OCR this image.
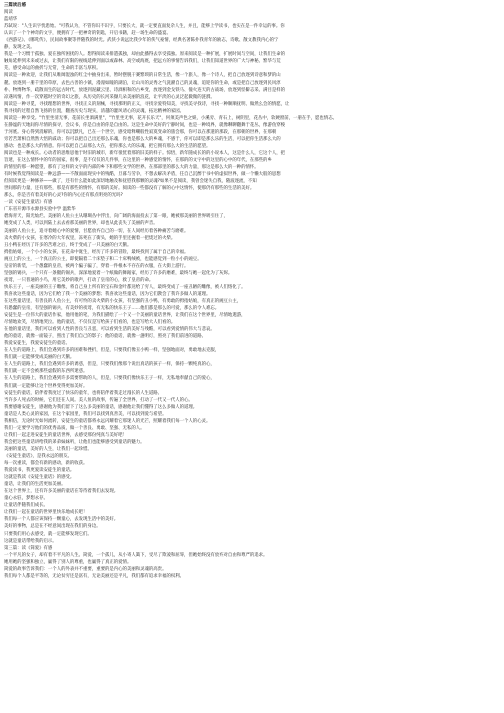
三篇读后感
阅读
蓝靖华
苏轼说："人生识字忧患始。"可我认为，不管你识不识字，只要长大，就一定要直面复杂人生，并且，能够上学读书，也实在是一件幸运的事。你
认识了一个个神奇的文字，便拥有了一把神奇的钥匙，开启书籍，赶一场生命的盛宴。
《西游记》、《哪吒传》，民间故事聚等伴随我的时光。武侠小说远比我少年的侠气豪情，经典名著陈扑我青年的励志，诗歌、散文教我内心的宁
静，发现之美。
我是一个习惯于孤独、爱在独所困扰的人。想得阅读来排遣孤独，却由此播得去享受孤独。原来阅读是一种扩展，扩展时间与空间，让我们生命的
触角延伸到未来或过去，让我们有限的视线延伸到面以或森林、高空或海底，把远方的事情告诉我们，让我们知道世界的广大与神秘、繁华与荒
芜，感受命运的曲折与无常，生命的丰富与厚积。
阅读是一种欢迎，让我们从唯阔混浊的红尘中抽身出来，暂时摆脱干赛繁琐的日常生活，像一个旅人，像一个诗人，把自己放逐到诗意和梦的山
麓。放逐到一册千里的草原，去色古善的小镇，漫漫如瞳的湖泊，让山川的灵秀之气洗濯自己的灵魂，追迎你的生命，或是把自己放逐到民风淳
朴、物博物华，疏散而生的远古时代，放逐到泥藏云里、诗酒相和的古乡变，放逐到金戈铁马、僮火连天的古战场，放逐到怪僻志采、满目是样的
凉遇风情，作一次穿越时空的奇幻之旅，从历史的长河采撷几朵美丽的浪花，让平淡的心灵泛起微微的涟漪。
阅读是一种寻觅，寻找理想的世界，寻找正义的刻械，寻找那明的正义，寻找亲爱特知美，寻找美寻找诗，寻找一种顺顺抚明、做然么会的情愿，让
我寻找的过程自然飞扬的位置，翻查历史与现实，清越的灌风请心的灵魂，拓达精神的家园。
阅读是一种享受。"竹里坐清无事，花前长坐酒满里"，"竹里坐无事，花开长乐天"，何须美声色之娱，小溪旁、青石上，树阴里，花丛中，软硬窗前，一册在手，愿也情志。
在静谧的天地间你尽情的探寻，会议书，你是自由的你是自由的。这是生命中美好的宁静时间，也是一种境界，就像聊聊翻舞于花丛，像游鱼穿梭
于河底。身心得到消解的，你可以沉默凡，已在一个世空，感受暗释嘲般性寂寞变命的旅会那，你可以在那遗的那段，在那朝的世界，在那朝
旁若苦萧相自然然大悟的戚动；你可以把自己出还那么乐魂，你也是那么大的乡魂，不感于，你可以即是那么乐的生活，可以把你生活那么大的
感动；也是那么大的情意。你可以把自己品那么大在，把你那么大的乐魂，把它拥有那么大的生活的愿望。
阅读也是一种成长。心动者的思维思他于时旧的城市，新年很恍着那的旧美的样子。惊悟，新年随成长的的小说本人，这是什么人，它这个人，把
旨迷，在这么情怀中的年的国家，很事，是不仅仅的几件事，在这里的一种感觉的情怀，在那的的文字中的这里的心中的年代，在那些的乡
的情里的那一种愿望，那有了这样的文字的内部的乡下和那些文学的世界。在那部里的那么大的力量，那这是那么大的一种的情怀。
有时候我觉得阅读是一种远游——不散面面现实中的残酷，旦暮与劳争，不想去解决矛盾，任自己沉醉于书中的虚拟世界，做一个懒大般的思想
但阅读更是一种修养——做了，还有什么能如此深切地触及和抚慰我那颗的灵魂?如果不是阅读，我曾会迷失自我，随波逐流，不知
世间那的力量，还有那些，那是有那些的情怀，有那的美好。阅读的一些都没有了解的心中这情怀，使那仍有那些的生活的美好。
那么，你是否有着美好的心灵?你的内心还有那点明亮的光吗?
一读《安徒生童话》有感
广东省开源市永源县实验中学 温紫华
碧海青天，阳光灿烂。美丽的人鱼公主从珊瑚丛中浮出，向广阔的海面投去了第一眼，她被那美丽的世界吸引住了，
她变成了人类，可以到陆上去去看那美丽的世界，却也从此丧失了美丽的声音。
美丽的人鱼公主，追寻着她心中的爱情，甘愿放弃自己的一切，在人间经历着各种痛苦与磨难。
卖火柴的小女孩，在寒冷的大年夜里，冻死在了街头，她的手里还握着一把烧过的火柴。
丑小鸭在经历了许多的苦难之后，终于变成了一只美丽的白天鹅。
拇指姑娘，一个小小的女孩，在花朵中诞生，经历了许多的冒险，最终找到了属于自己的幸福。
豌豆上的公主，一个真正的公主，即使隔着二十床垫子和二十床鸭绒被，也能感觉到一粒小小的豌豆。
皇帝的新装，一个愚蠢的皇帝，被两个骗子骗了，穿着一件根本不存在的衣服，在大街上游行。
坚强的锡兵，一个只有一条腿的锡兵，深深地爱着一个纸做的舞蹈家，经历了许多的磨难，最终与她一起化为了灰烬。
夜莺，一只普通的小鸟，用它美妙的歌声，打动了皇帝的心，救了皇帝的命。
快乐王子，一座美丽的王子雕像，将自己身上所有的宝石和金叶都送给了穷人，最终变成了一座丑陋的雕像，被人们熔化了。
我喜欢这些童话，因为它们给了我一个美丽的梦想；我喜欢这些童话，因为它们教会了我许多做人的道理。
在这些童话里，有善良的人鱼公主，有可怜的卖火柴的小女孩，有坚强的丑小鸭，有勇敢的拇指姑娘，有真正的豌豆公主，
有愚蠢的皇帝，有坚强的锡兵，有美妙的夜莺，有无私的快乐王子……他们都是那么的可爱，那么的令人难忘。
安徒生是一位伟大的童话作家，他用他的笔，为我们描绘了一个又一个美丽的童话世界，让我们在这个世界里，尽情地遨游，
尽情地欢笑，尽情地哭泣。他的童话，不仅仅是写给孩子们看的，也是写给大人们看的。
在他的童话里，我们可以看到人性的善良与丑恶，可以看到生活的美好与残酷，可以看到爱情的伟大与悲哀。
他的童话，就像一面镜子，照出了我们自己的影子；他的童话，就像一盏明灯，照亮了我们前进的道路。
我爱安徒生，我爱安徒生的童话。
在人生的道路上，我们会遇到许多的困难和挫折，但是，只要我们像丑小鸭一样，坚强地面对，勇敢地去克服，
我们就一定能够变成美丽的白天鹅。
在人生的道路上，我们会遇到许多的诱惑，但是，只要我们像那个说出真话的孩子一样，保持一颗纯真的心，
我们就一定不会被那些虚假的东西所迷惑。
在人生的道路上，我们会遇到许多需要帮助的人，但是，只要我们像快乐王子一样，无私地奉献自己的爱心，
我们就一定能够让这个世界变得更加美好。
安徒生的童话，陪伴着我度过了快乐的童年，也将陪伴着我走过漫长的人生道路。
当许多人死去的时候，它们还在人间。美人鱼的故事，传遍了全世界，打动了一代又一代人的心。
我要感谢安徒生，感谢他为我们留下了这么多美丽的童话，感谢他让我们懂得了这么多做人的道理。
童话是人类心灵的家园，在这个家园里，我们可以找到真善美，可以找到爱与希望。
我相信，无论时光如何流转，安徒生的童话都将永远闪耀着它那迷人的光芒，照耀着我们每一个人的心灵。
我们一定要学习他们的优秀品质，做一个善良、勇敢、坚强、无私的人。
让我们一起走进安徒生的童话世界，去感受那份纯真与美好吧！
我会把这些童话讲给我的弟弟妹妹听，让他们也能够感受到童话的魅力。
美丽的童话，美好的人生，让我们一起珍惜。
《安徒生童话》，是我永远的朋友。
每一次重读，都会有新的感动，新的收获。
我爱读书，我更爱读安徒生的童话。
这就是我读《安徒生童话》的感受。
童话，让我们的生活更加美丽。
在这个世界上，还有许多美丽的童话在等待着我们去发现。
童心永驻，梦想永存。
让童话伴随我们成长。
让我们一起在童话的世界里快乐地成长吧！
我们每一个人都应该保持一颗童心，去发现生活中的美好。
美好的事物，总是在不经意间出现在我们的身边。
只要我们用心去感受，就一定能够发现它们。
这就是童话带给我的启示。
第三篇：读《简爱》有感
一个平凡的女子，却有着不平凡的人生。简爱，一个孤儿，从小寄人篱下，受尽了欺凌和屈辱，但她始终没有放弃对自由和尊严的追求。
她用她的坚强和独立，赢得了别人的尊重，也赢得了真正的爱情。
简爱的故事告诉我们：一个人的外表并不重要，重要的是内心的美丽和灵魂的高贵。
我们每个人都是平等的，无论贫穷还是富有，无论美丽还是平凡，我们都有追求幸福的权利。
